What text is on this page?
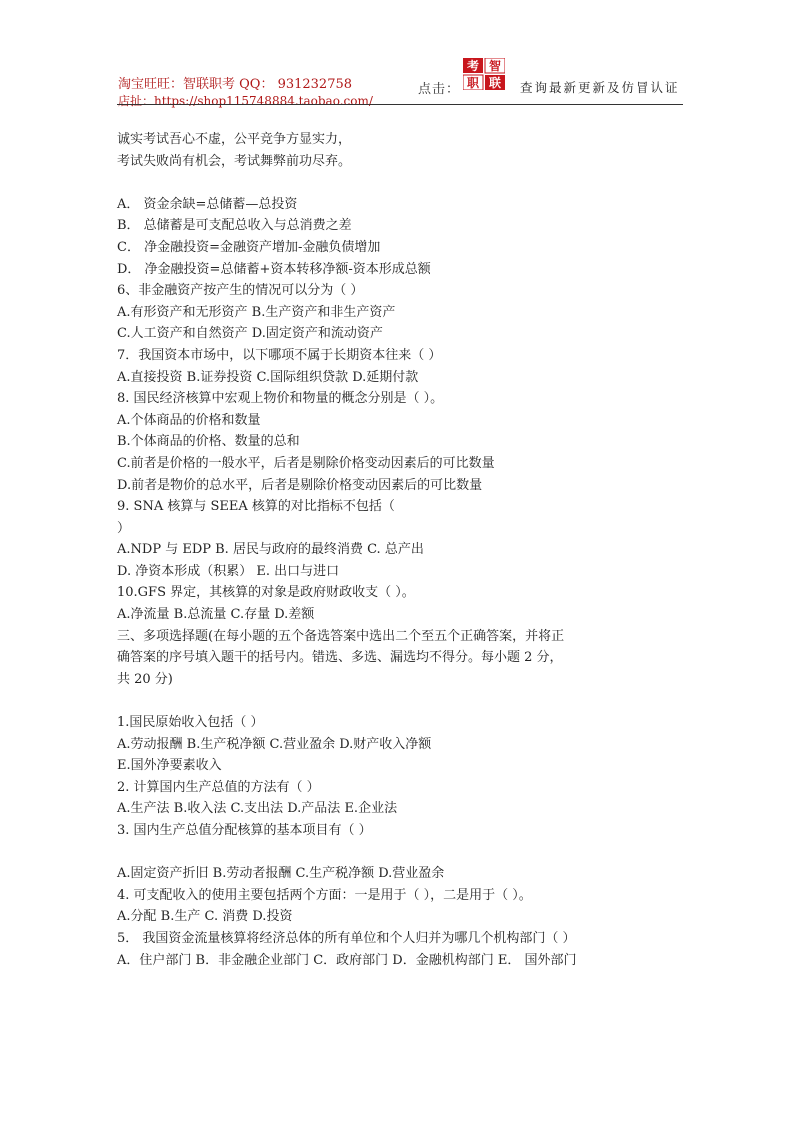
淘宝旺旺：智联职考 QQ： 931232758
店扯：https://shop115748884.taobao.com/
点击：
考 智
职 联 查询最新更新及仿冒认证
诚实考试吾心不虚，公平竞争方显实力，
考试失败尚有机会，考试舞弊前功尽弃。
A． 资金余缺=总储蓄—总投资
B． 总储蓄是可支配总收入与总消费之差
C． 净金融投资=金融资产增加-金融负债增加
D． 净金融投资=总储蓄+资本转移净额-资本形成总额
6、非金融资产按产生的情况可以分为（ ）
A.有形资产和无形资产 B.生产资产和非生产资产
C.人工资产和自然资产 D.固定资产和流动资产
7．我国资本市场中，以下哪项不属于长期资本往来（ ）
A.直接投资 B.证券投资 C.国际组织贷款 D.延期付款
8. 国民经济核算中宏观上物价和物量的概念分别是（ ）。
A.个体商品的价格和数量
B.个体商品的价格、数量的总和
C.前者是价格的一般水平，后者是剔除价格变动因素后的可比数量
D.前者是物价的总水平，后者是剔除价格变动因素后的可比数量
9. SNA 核算与 SEEA 核算的对比指标不包括（
）
A.NDP 与 EDP B. 居民与政府的最终消费 C. 总产出
D. 净资本形成（积累） E. 出口与进口
10.GFS 界定，其核算的对象是政府财政收支（ ）。
A.净流量 B.总流量 C.存量 D.差额
三、多项选择题(在每小题的五个备选答案中选出二个至五个正确答案，并将正
确答案的序号填入题干的括号内。错选、多选、漏选均不得分。每小题 2 分，
共 20 分)
1.国民原始收入包括（ ）
A.劳动报酬 B.生产税净额 C.营业盈余 D.财产收入净额
E.国外净要素收入
2. 计算国内生产总值的方法有（ ）
A.生产法 B.收入法 C.支出法 D.产品法 E.企业法
3. 国内生产总值分配核算的基本项目有（ ）
A.固定资产折旧 B.劳动者报酬 C.生产税净额 D.营业盈余
4. 可支配收入的使用主要包括两个方面：一是用于（ ），二是用于（ ）。
A.分配 B.生产 C. 消费 D.投资
5． 我国资金流量核算将经济总体的所有单位和个人归并为哪几个机构部门（ ）
A．住户部门 B．非金融企业部门 C．政府部门 D．金融机构部门 E． 国外部门
